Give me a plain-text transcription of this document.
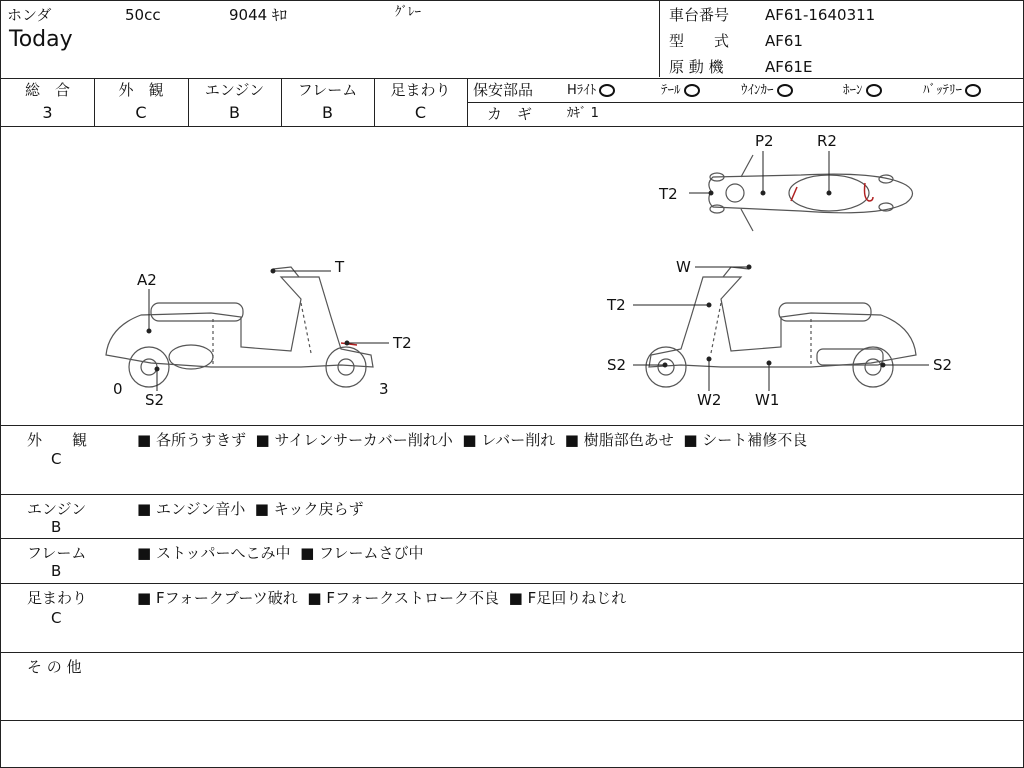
ホンダ	50cc	9044 ｷﾛ	ｸﾞﾚｰ
Today
車台番号 AF61-1640311
型　　式 AF61
原 動 機	AF61E
総　合
3
外　観
C
エンジン
B
フレーム
B
足まわり
C
保安部品	Hﾗｲﾄ	ﾃｰﾙ	ｳｲﾝｶｰ	ﾎｰﾝ	ﾊﾞｯﾃﾘｰ
カ　ギ	ｶｷﾞ 1
P2	R2
T2
A2
T
T2
0
S2
3
W
T2
S2	S2
W2 W1
外　　観
C
■ 各所うすきず ■ サイレンサーカバー削れ小 ■ レバー削れ ■ 樹脂部色あせ ■ シート補修不良
エンジン
B
■ エンジン音小 ■ キック戻らず
フレーム
B
■ ストッパーへこみ中 ■ フレームさび中
足まわり
C
■ Fフォークブーツ破れ ■ Fフォークストローク不良 ■ F足回りねじれ
そ の 他
